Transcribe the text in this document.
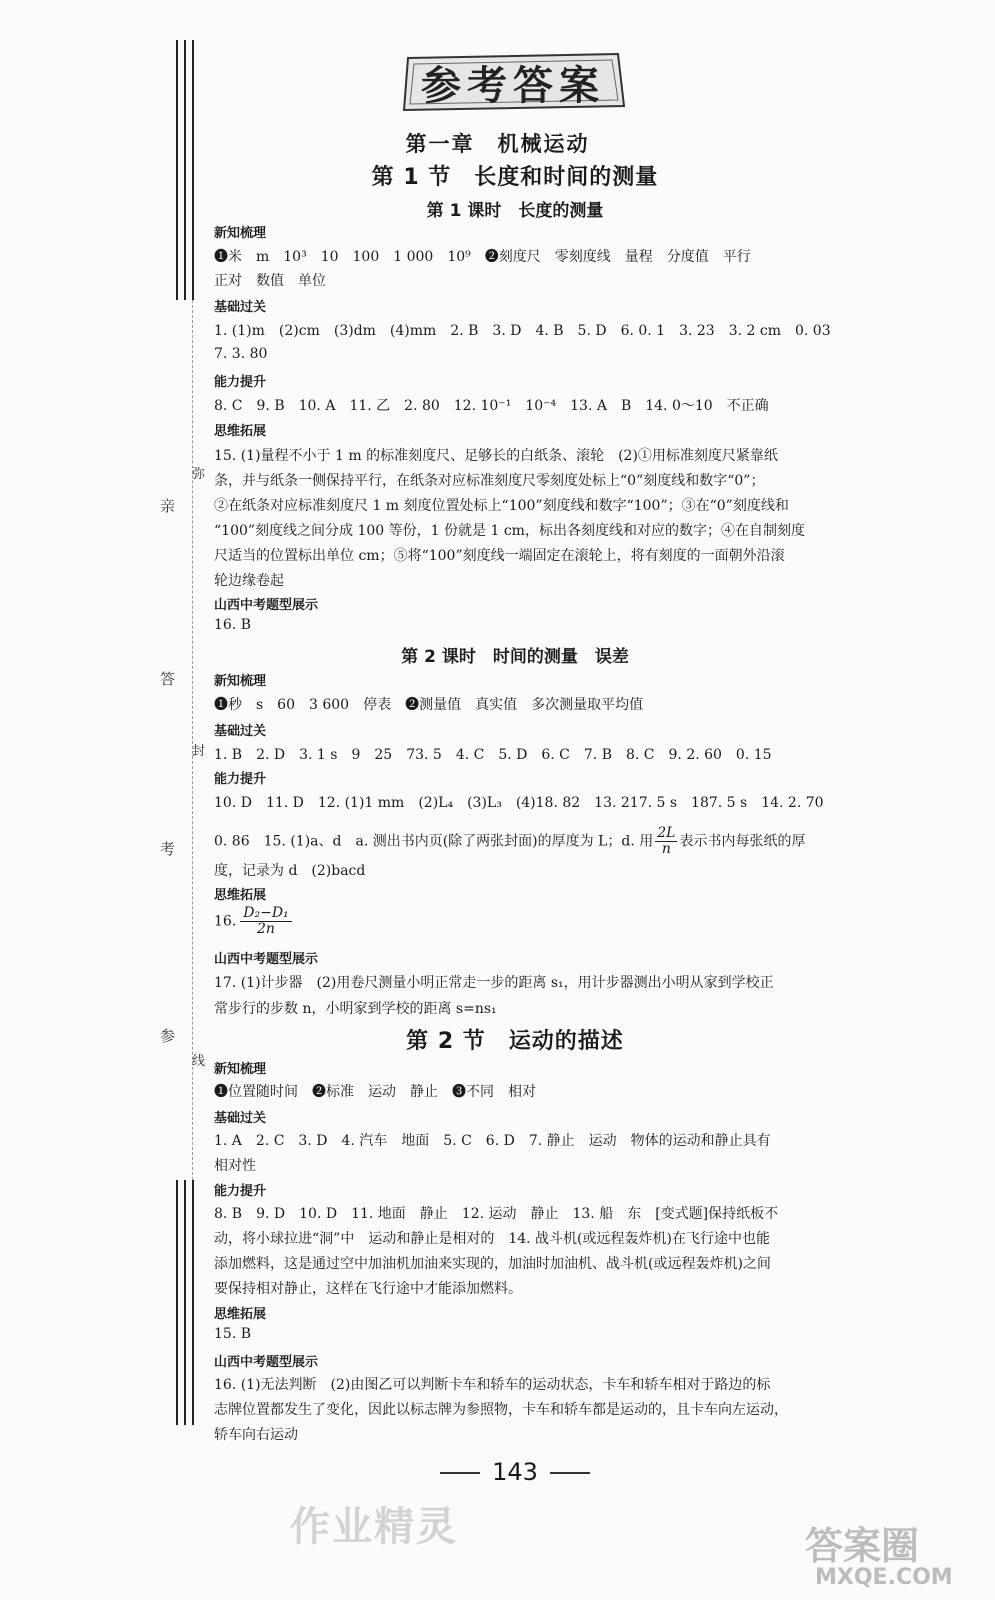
亲
答
考
参
弥
封
线
参考答案
第一章　机械运动
第 1 节　长度和时间的测量
第 1 课时　长度的测量
新知梳理
❶米　m　10³　10　100　1 000　10⁹　❷刻度尺　零刻度线　量程　分度值　平行
正对　数值　单位
基础过关
1. (1)m　(2)cm　(3)dm　(4)mm　2. B　3. D　4. B　5. D　6. 0. 1　3. 23　3. 2 cm　0. 03
7. 3. 80
能力提升
8. C　9. B　10. A　11. 乙　2. 80　12. 10⁻¹　10⁻⁴　13. A　B　14. 0～10　不正确
思维拓展
15. (1)量程不小于 1 m 的标准刻度尺、足够长的白纸条、滚轮　(2)①用标准刻度尺紧靠纸
条，并与纸条一侧保持平行，在纸条对应标准刻度尺零刻度处标上“0”刻度线和数字“0”；
②在纸条对应标准刻度尺 1 m 刻度位置处标上“100”刻度线和数字“100”；③在“0”刻度线和
“100”刻度线之间分成 100 等份，1 份就是 1 cm，标出各刻度线和对应的数字；④在自制刻度
尺适当的位置标出单位 cm；⑤将“100”刻度线一端固定在滚轮上，将有刻度的一面朝外沿滚
轮边缘卷起
山西中考题型展示
16. B
第 2 课时　时间的测量　误差
新知梳理
❶秒　s　60　3 600　停表　❷测量值　真实值　多次测量取平均值
基础过关
1. B　2. D　3. 1 s　9　25　73. 5　4. C　5. D　6. C　7. B　8. C　9. 2. 60　0. 15
能力提升
10. D　11. D　12. (1)1 mm　(2)L₄　(3)L₃　(4)18. 82　13. 217. 5 s　187. 5 s　14. 2. 70
0. 86　15. (1)a、d　a. 测出书内页(除了两张封面)的厚度为 L；d. 用 $\frac{2L}{n}$ 表示书内每张纸的厚
度，记录为 d　(2)bacd
思维拓展
16. $\frac{\text{D₂−D₁}}{2n}$
山西中考题型展示
17. (1)计步器　(2)用卷尺测量小明正常走一步的距离 s₁，用计步器测出小明从家到学校正
常步行的步数 n，小明家到学校的距离 s=ns₁
第 2 节　运动的描述
新知梳理
❶位置随时间　❷标准　运动　静止　❸不同　相对
基础过关
1. A　2. C　3. D　4. 汽车　地面　5. C　6. D　7. 静止　运动　物体的运动和静止具有
相对性
能力提升
8. B　9. D　10. D　11. 地面　静止　12. 运动　静止　13. 船　东　[变式题]保持纸板不
动，将小球拉进“洞”中　运动和静止是相对的　14. 战斗机(或远程轰炸机)在飞行途中也能
添加燃料，这是通过空中加油机加油来实现的，加油时加油机、战斗机(或远程轰炸机)之间
要保持相对静止，这样在飞行途中才能添加燃料。
思维拓展
15. B
山西中考题型展示
16. (1)无法判断　(2)由图乙可以判断卡车和轿车的运动状态，卡车和轿车相对于路边的标
志牌位置都发生了变化，因此以标志牌为参照物，卡车和轿车都是运动的，且卡车向左运动，
轿车向右运动
143
作业精灵	答案圈
MXQE.COM
